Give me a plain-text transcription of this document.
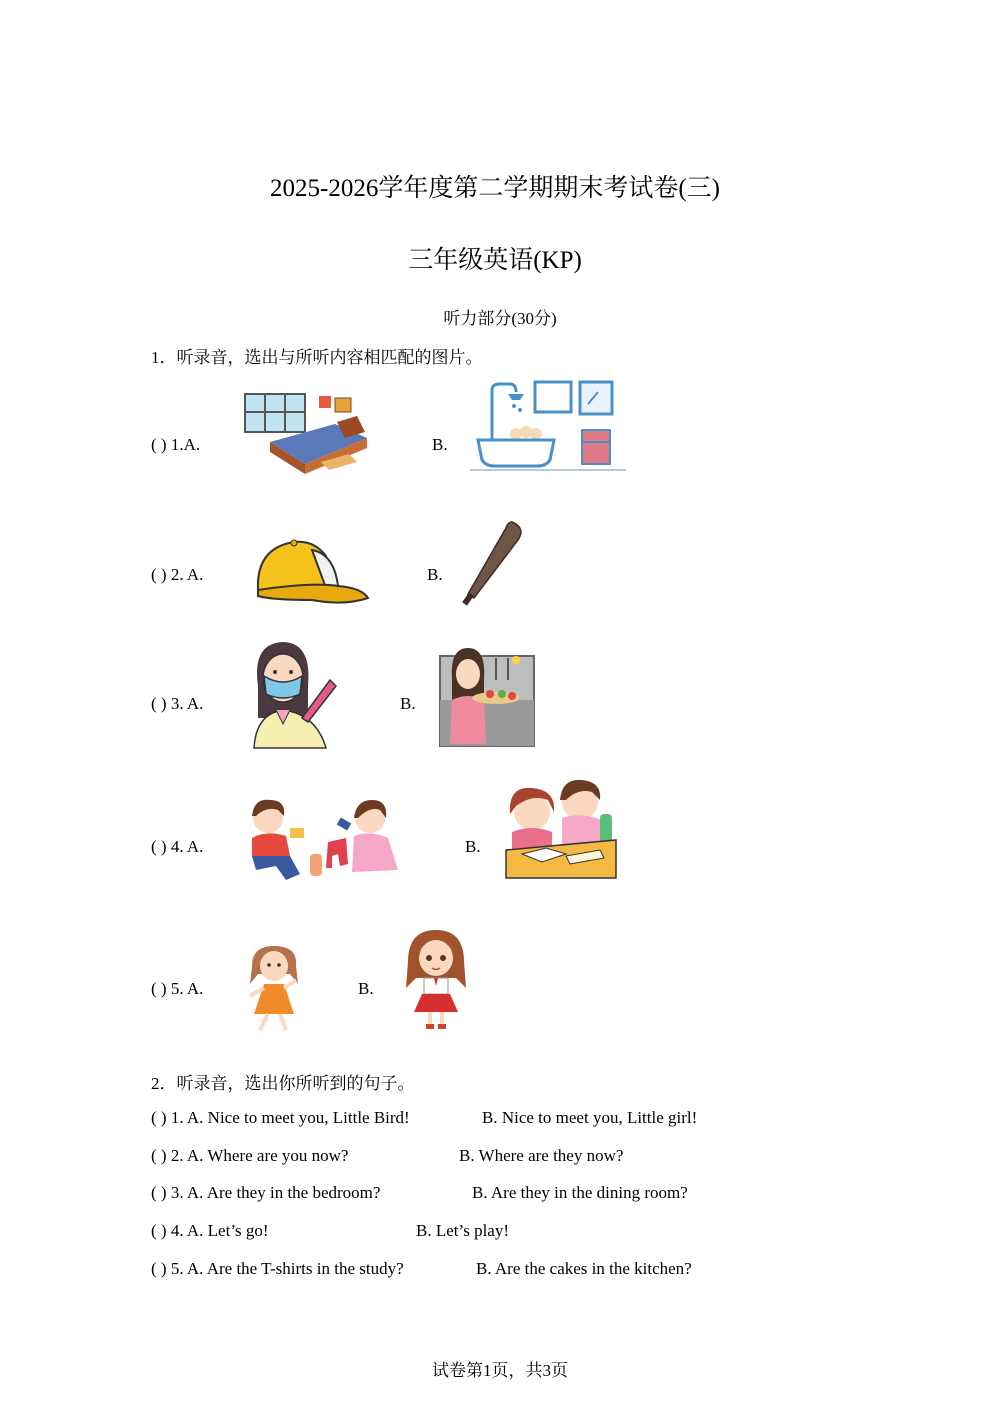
2025-2026学年度第二学期期末考试卷(三)
三年级英语(KP)
听力部分(30分)
1．听录音，选出与所听内容相匹配的图片。
( ) 1.A.	B.
( ) 2. A.	B.
( ) 3. A.	B.
( ) 4. A.	B.
( ) 5. A.	B.
2．听录音，选出你所听到的句子。
( ) 1. A. Nice to meet you, Little Bird!	B. Nice to meet you, Little girl!
( ) 2. A. Where are you now?	B. Where are they now?
( ) 3. A. Are they in the bedroom?	B. Are they in the dining room?
( ) 4. A. Let’s go!	B. Let’s play!
( ) 5. A. Are the T-shirts in the study?	B. Are the cakes in the kitchen?
试卷第1页，共3页
